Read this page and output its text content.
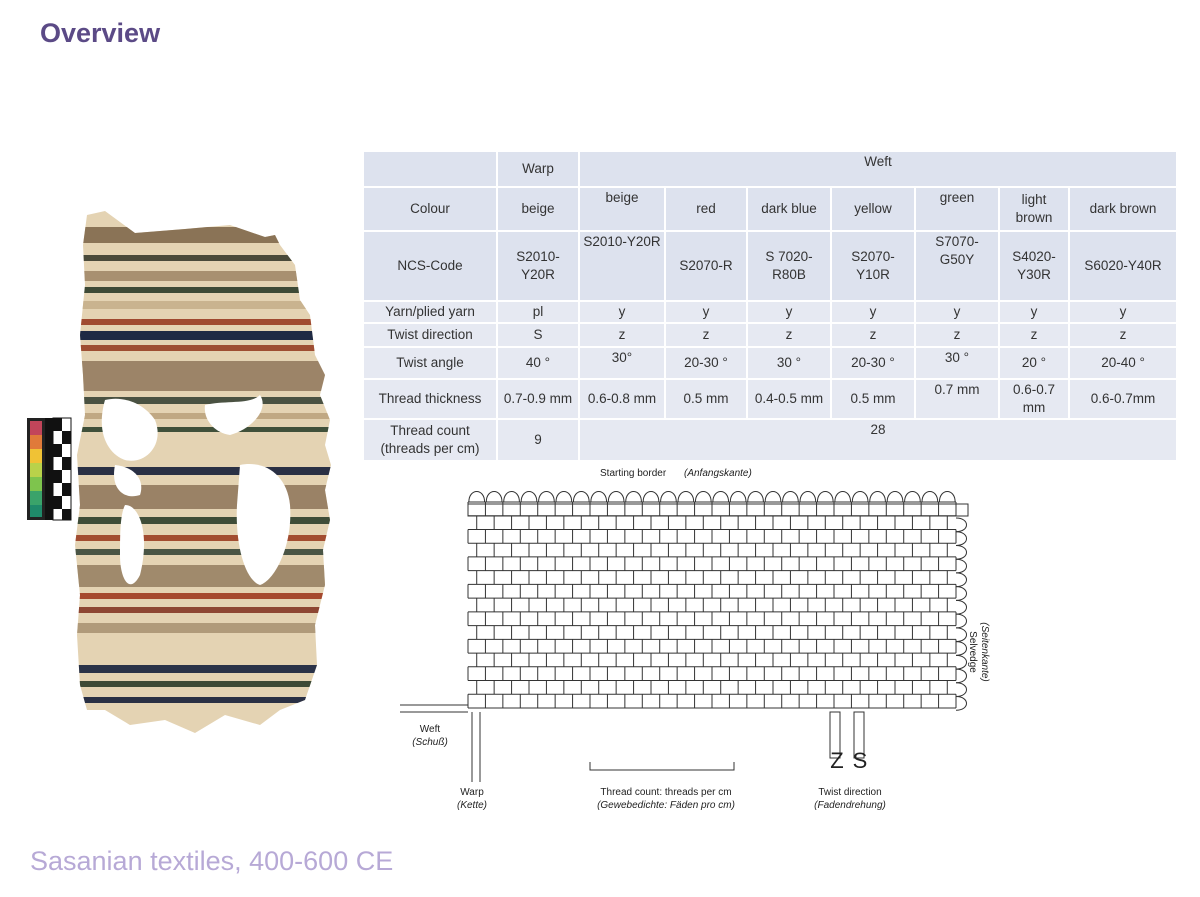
Overview
	Warp	Weft						
Colour	beige	beige	red	dark blue	yellow	green	light brown	dark brown
NCS-Code	S2010-Y20R	S2010-Y20R	S2070-R	S 7020-R80B	S2070-Y10R	S7070-G50Y	S4020-Y30R	S6020-Y40R
Yarn/plied yarn	pl	y	y	y	y	y	y	y
Twist direction	S	z	z	z	z	z	z	z
Twist angle	40 °	30°	20-30 °	30 °	20-30 °	30 °	20 °	20-40 °
Thread thickness	0.7-0.9 mm	0.6-0.8 mm	0.5 mm	0.4-0.5 mm	0.5 mm	0.7 mm	0.6-0.7 mm	0.6-0.7mm

Thread count
(threads per cm)	9	28						
Starting border (Anfangskante)
Selvedge (Seitenkante)
Weft
(Schuß)
Warp
(Kette)
Thread count: threads per cm
(Gewebedichte: Fäden pro cm)
Z S
Twist direction
(Fadendrehung)
Sasanian textiles, 400-600 CE
